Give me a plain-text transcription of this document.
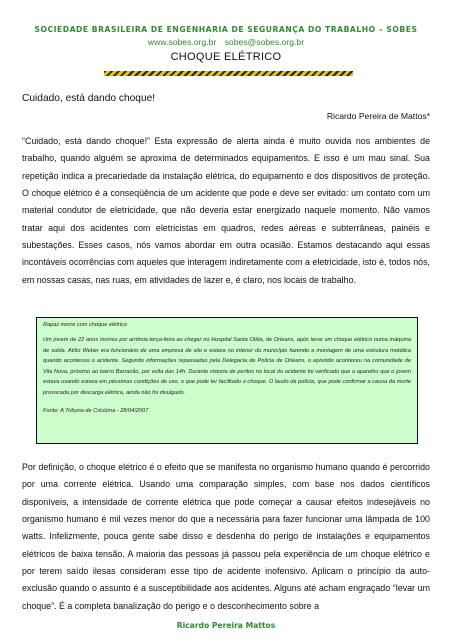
SOCIEDADE BRASILEIRA DE ENGENHARIA DE SEGURANÇA DO TRABALHO – SOBES
www.sobes.org.br sobes@sobes.org.br
CHOQUE ELÉTRICO
Cuidado, está dando choque!
Ricardo Pereira de Mattos*

“Cuidado, está dando choque!” Esta expressão de alerta ainda é muito ouvida nos ambientes de trabalho, quando alguém se aproxima de determinados equipamentos. E isso é um mau sinal. Sua repetição indica a precariedade da instalação elétrica, do equipamento e dos dispositivos de proteção. O choque elétrico é a conseqüência de um acidente que pode e deve ser evitado: um contato com um material condutor de eletricidade, que não deveria estar energizado naquele momento. Não vamos tratar aqui dos acidentes com eletricistas em quadros, redes aéreas e subterrâneas, painéis e subestações. Esses casos, nós vamos abordar em outra ocasião. Estamos destacando aqui essas incontáveis ocorrências com aqueles que interagem indiretamente com a eletricidade, isto é, todos nós, em nossas casas, nas ruas, em atividades de lazer e, é claro, nos locais de trabalho.

Rapaz morre com choque elétrico

Um jovem de 22 anos morreu por arritmia terça-feira ao chegar no Hospital Santa Otília, de Orleans, após levar um choque elétrico numa máquina de solda. Atílio Weber era funcionário de uma empresa de silo e estava no interior do município fazendo a montagem de uma estrutura metálica quando aconteceu o acidente. Segundo informações repassadas pela Delegacia de Polícia de Orleans, o episódio aconteceu na comunidade de Vila Nova, próximo ao bairro Barracão, por volta das 14h. Durante vistoria de peritos no local do acidente foi verificado que o aparelho que o jovem estava usando estava em péssimas condições de uso, o que pode ter facilitado o choque. O laudo da polícia, que pode confirmar a causa da morte provocada por descarga elétrica, ainda não foi divulgado.

Fonte: A Tribuna de Criciúma - 28/04/2007

Por definição, o choque elétrico é o efeito que se manifesta no organismo humano quando é percorrido por uma corrente elétrica. Usando uma comparação simples, com base nos dados científicos disponíveis, a intensidade de corrente elétrica que pode começar a causar efeitos indesejáveis no organismo humano é mil vezes menor do que a necessária para fazer funcionar uma lâmpada de 100 watts. Infelizmente, pouca gente sabe disso e desdenha do perigo de instalações e equipamentos elétricos de baixa tensão. A maioria das pessoas já passou pela experiência de um choque elétrico e por terem saído ilesas consideram esse tipo de acidente inofensivo. Aplicam o princípio da auto-exclusão quando o assunto é a susceptibilidade aos acidentes. Alguns até acham engraçado “levar um choque”. É a completa banalização do perigo e o desconhecimento sobre a

Ricardo Pereira Mattos
